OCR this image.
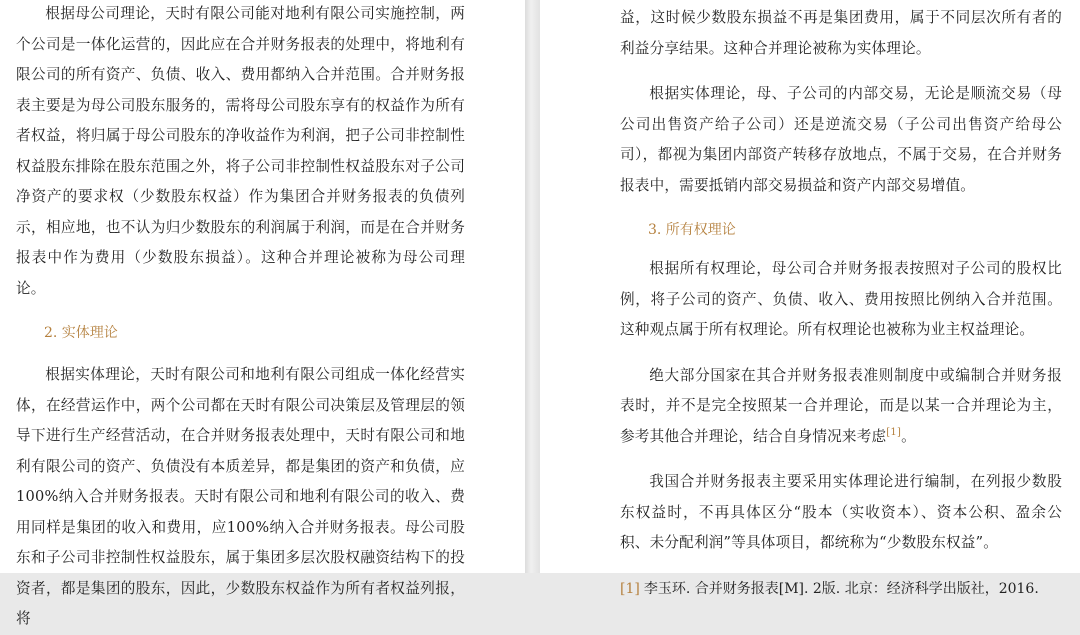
根据母公司理论，天时有限公司能对地利有限公司实施控制，两个公司是一体化运营的，因此应在合并财务报表的处理中，将地利有限公司的所有资产、负债、收入、费用都纳入合并范围。合并财务报表主要是为母公司股东服务的，需将母公司股东享有的权益作为所有者权益，将归属于母公司股东的净收益作为利润，把子公司非控制性权益股东排除在股东范围之外，将子公司非控制性权益股东对子公司净资产的要求权（少数股东权益）作为集团合并财务报表的负债列示，相应地，也不认为归少数股东的利润属于利润，而是在合并财务报表中作为费用（少数股东损益）。这种合并理论被称为母公司理论。

2. 实体理论

根据实体理论，天时有限公司和地利有限公司组成一体化经营实体，在经营运作中，两个公司都在天时有限公司决策层及管理层的领导下进行生产经营活动，在合并财务报表处理中，天时有限公司和地利有限公司的资产、负债没有本质差异，都是集团的资产和负债，应100%纳入合并财务报表。天时有限公司和地利有限公司的收入、费用同样是集团的收入和费用，应100%纳入合并财务报表。母公司股东和子公司非控制性权益股东，属于集团多层次股权融资结构下的投资者，都是集团的股东，因此，少数股东权益作为所有者权益列报，将

益，这时候少数股东损益不再是集团费用，属于不同层次所有者的利益分享结果。这种合并理论被称为实体理论。

根据实体理论，母、子公司的内部交易，无论是顺流交易（母公司出售资产给子公司）还是逆流交易（子公司出售资产给母公司），都视为集团内部资产转移存放地点，不属于交易，在合并财务报表中，需要抵销内部交易损益和资产内部交易增值。

3. 所有权理论

根据所有权理论，母公司合并财务报表按照对子公司的股权比例，将子公司的资产、负债、收入、费用按照比例纳入合并范围。这种观点属于所有权理论。所有权理论也被称为业主权益理论。

绝大部分国家在其合并财务报表准则制度中或编制合并财务报表时，并不是完全按照某一合并理论，而是以某一合并理论为主，参考其他合并理论，结合自身情况来考虑[1]。

我国合并财务报表主要采用实体理论进行编制，在列报少数股东权益时，不再具体区分“股本（实收资本）、资本公积、盈余公积、未分配利润”等具体项目，都统称为“少数股东权益”。

[1] 李玉环. 合并财务报表[M]. 2版. 北京：经济科学出版社，2016.
